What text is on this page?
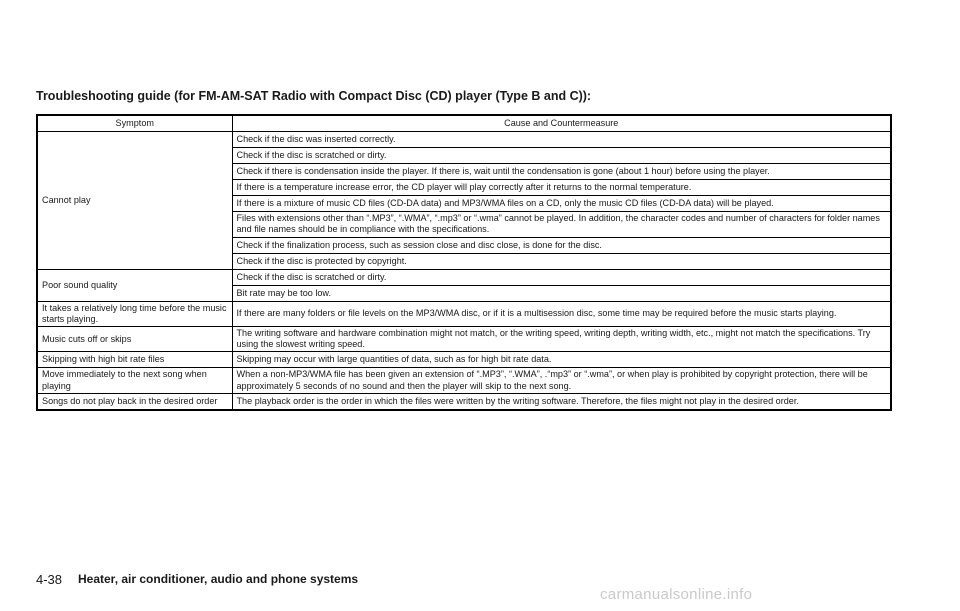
Troubleshooting guide (for FM-AM-SAT Radio with Compact Disc (CD) player (Type B and C)):
Symptom	Cause and Countermeasure
Cannot play	Check if the disc was inserted correctly.
	Check if the disc is scratched or dirty.
	Check if there is condensation inside the player. If there is, wait until the condensation is gone (about 1 hour) before using the player.
	If there is a temperature increase error, the CD player will play correctly after it returns to the normal temperature.
	If there is a mixture of music CD files (CD-DA data) and MP3/WMA files on a CD, only the music CD files (CD-DA data) will be played.
	Files with extensions other than “.MP3”, “.WMA”, “.mp3” or “.wma” cannot be played. In addition, the character codes and number of characters for folder names and file names should be in compliance with the specifications.
	Check if the finalization process, such as session close and disc close, is done for the disc.
	Check if the disc is protected by copyright.
Poor sound quality	Check if the disc is scratched or dirty.
	Bit rate may be too low.
It takes a relatively long time before the music starts playing.	If there are many folders or file levels on the MP3/WMA disc, or if it is a multisession disc, some time may be required before the music starts playing.
Music cuts off or skips	The writing software and hardware combination might not match, or the writing speed, writing depth, writing width, etc., might not match the specifications. Try using the slowest writing speed.
Skipping with high bit rate files	Skipping may occur with large quantities of data, such as for high bit rate data.
Move immediately to the next song when playing	When a non-MP3/WMA file has been given an extension of “.MP3”, “.WMA”, .“mp3” or “.wma”, or when play is prohibited by copyright protection, there will be approximately 5 seconds of no sound and then the player will skip to the next song.
Songs do not play back in the desired order	The playback order is the order in which the files were written by the writing software. Therefore, the files might not play in the desired order.
4-38 Heater, air conditioner, audio and phone systems
carmanualsonline.info
